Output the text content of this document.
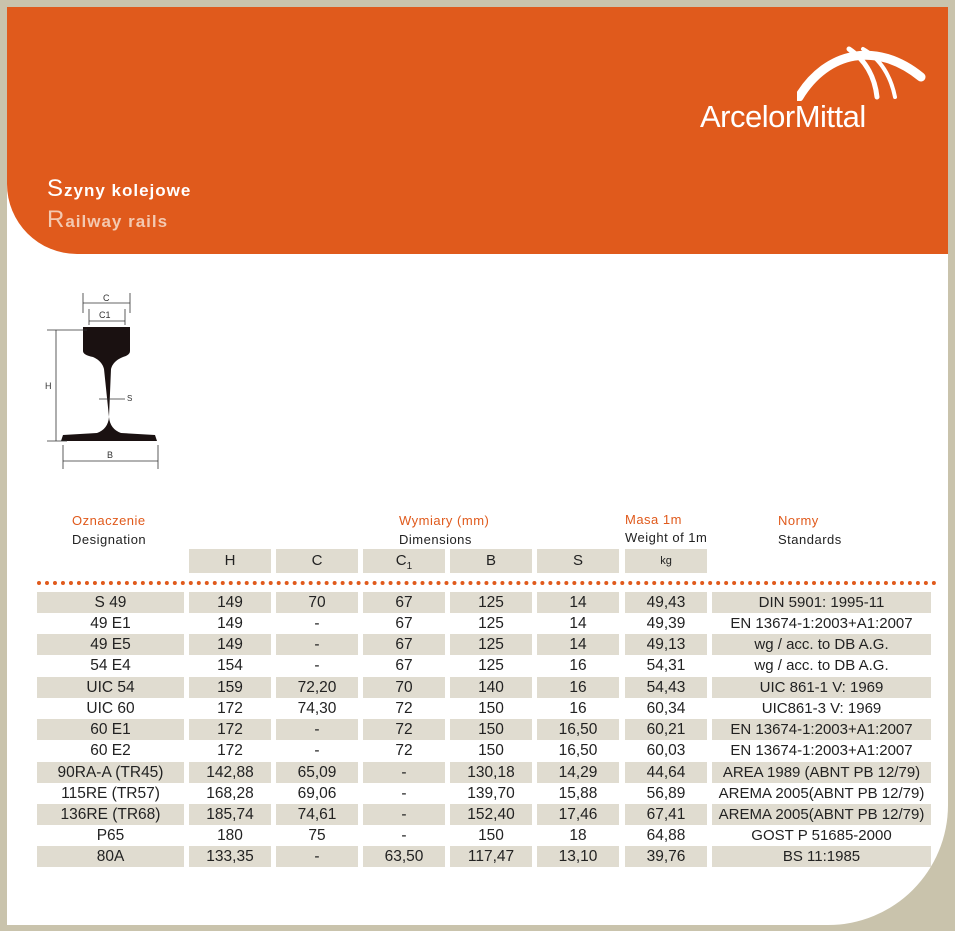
ArcelorMittal
Szyny kolejowe
Railway rails
C
C1
H
S
B
Oznaczenie
Designation
Wymiary (mm)
Dimensions
Masa 1m
Weight of 1m
Normy
Standards
H	C	$C_1$	B	S	kg
S 49	149	70	67	125	14	49,43	DIN 5901: 1995-11
49 E1	149	-	67	125	14	49,39	EN 13674-1:2003+A1:2007
49 E5	149	-	67	125	14	49,13	wg / acc. to DB A.G.
54 E4	154	-	67	125	16	54,31	wg / acc. to DB A.G.
UIC 54	159	72,20	70	140	16	54,43	UIC 861-1 V: 1969
UIC 60	172	74,30	72	150	16	60,34	UIC861-3 V: 1969
60 E1	172	-	72	150	16,50	60,21	EN 13674-1:2003+A1:2007
60 E2	172	-	72	150	16,50	60,03	EN 13674-1:2003+A1:2007
90RA-A (TR45)	142,88	65,09	-	130,18	14,29	44,64	AREA 1989 (ABNT PB 12/79)
115RE (TR57)	168,28	69,06	-	139,70	15,88	56,89	AREMA 2005(ABNT PB 12/79)
136RE (TR68)	185,74	74,61	-	152,40	17,46	67,41	AREMA 2005(ABNT PB 12/79)
P65	180	75	-	150	18	64,88	GOST P 51685-2000
80A	133,35	-	63,50	117,47	13,10	39,76	BS 11:1985
